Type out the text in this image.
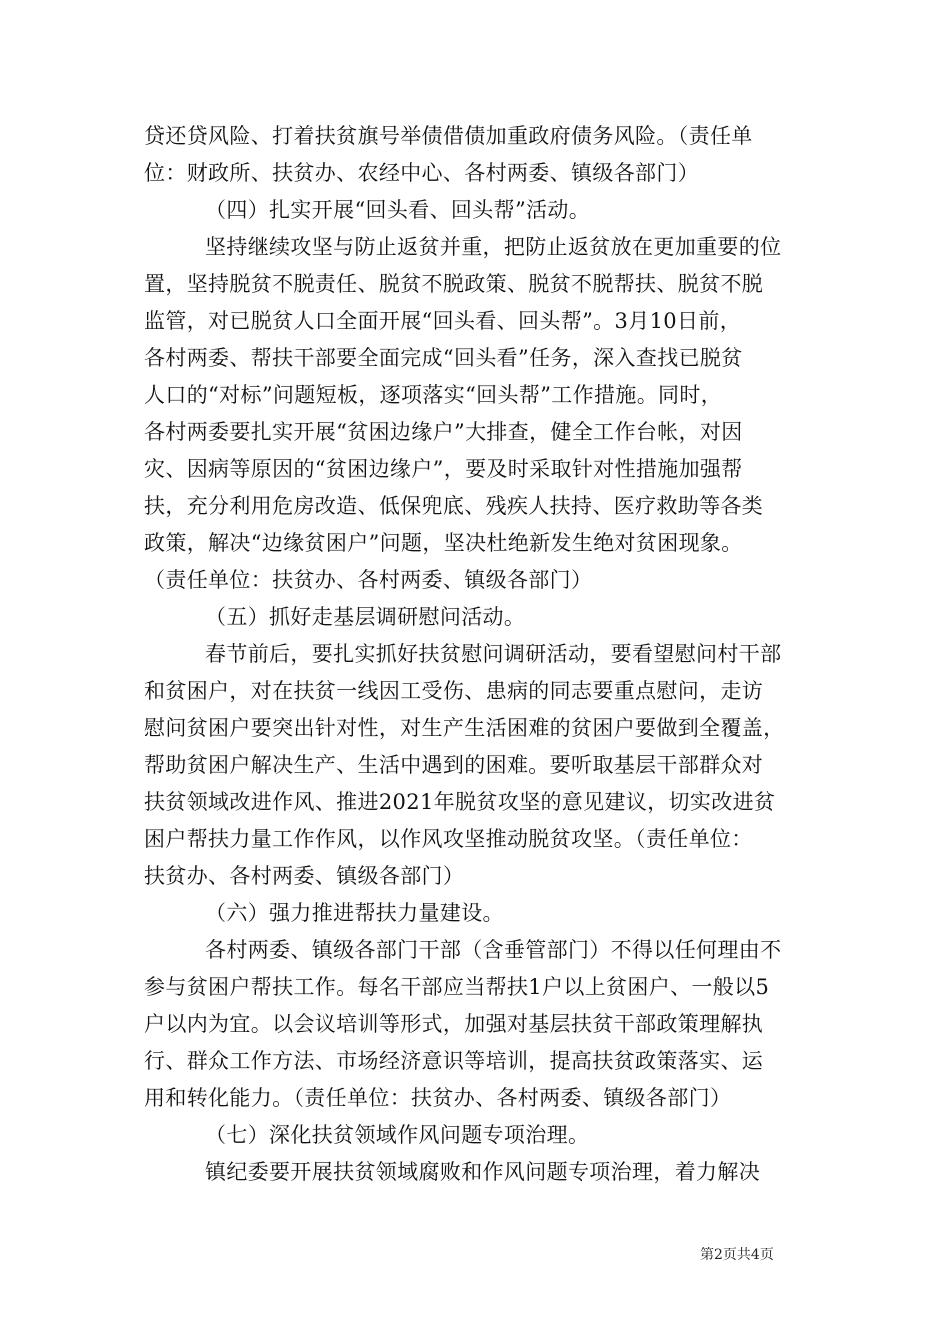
贷还贷风险、打着扶贫旗号举债借债加重政府债务风险。（责任单
位：财政所、扶贫办、农经中心、各村两委、镇级各部门）
（四）扎实开展“回头看、回头帮”活动。
坚持继续攻坚与防止返贫并重，把防止返贫放在更加重要的位
置，坚持脱贫不脱责任、脱贫不脱政策、脱贫不脱帮扶、脱贫不脱
监管，对已脱贫人口全面开展“回头看、回头帮”。3月10日前，
各村两委、帮扶干部要全面完成“回头看”任务，深入查找已脱贫
人口的“对标”问题短板，逐项落实“回头帮”工作措施。同时，
各村两委要扎实开展“贫困边缘户”大排查，健全工作台帐，对因
灾、因病等原因的“贫困边缘户”，要及时采取针对性措施加强帮
扶，充分利用危房改造、低保兜底、残疾人扶持、医疗救助等各类
政策，解决“边缘贫困户”问题，坚决杜绝新发生绝对贫困现象。
（责任单位：扶贫办、各村两委、镇级各部门）
（五）抓好走基层调研慰问活动。
春节前后，要扎实抓好扶贫慰问调研活动，要看望慰问村干部
和贫困户，对在扶贫一线因工受伤、患病的同志要重点慰问，走访
慰问贫困户要突出针对性，对生产生活困难的贫困户要做到全覆盖，
帮助贫困户解决生产、生活中遇到的困难。要听取基层干部群众对
扶贫领域改进作风、推进2021年脱贫攻坚的意见建议，切实改进贫
困户帮扶力量工作作风，以作风攻坚推动脱贫攻坚。（责任单位：
扶贫办、各村两委、镇级各部门）
（六）强力推进帮扶力量建设。
各村两委、镇级各部门干部（含垂管部门）不得以任何理由不
参与贫困户帮扶工作。每名干部应当帮扶1户以上贫困户、一般以5
户以内为宜。以会议培训等形式，加强对基层扶贫干部政策理解执
行、群众工作方法、市场经济意识等培训，提高扶贫政策落实、运
用和转化能力。（责任单位：扶贫办、各村两委、镇级各部门）
（七）深化扶贫领域作风问题专项治理。
镇纪委要开展扶贫领域腐败和作风问题专项治理，着力解决
第2页共4页
